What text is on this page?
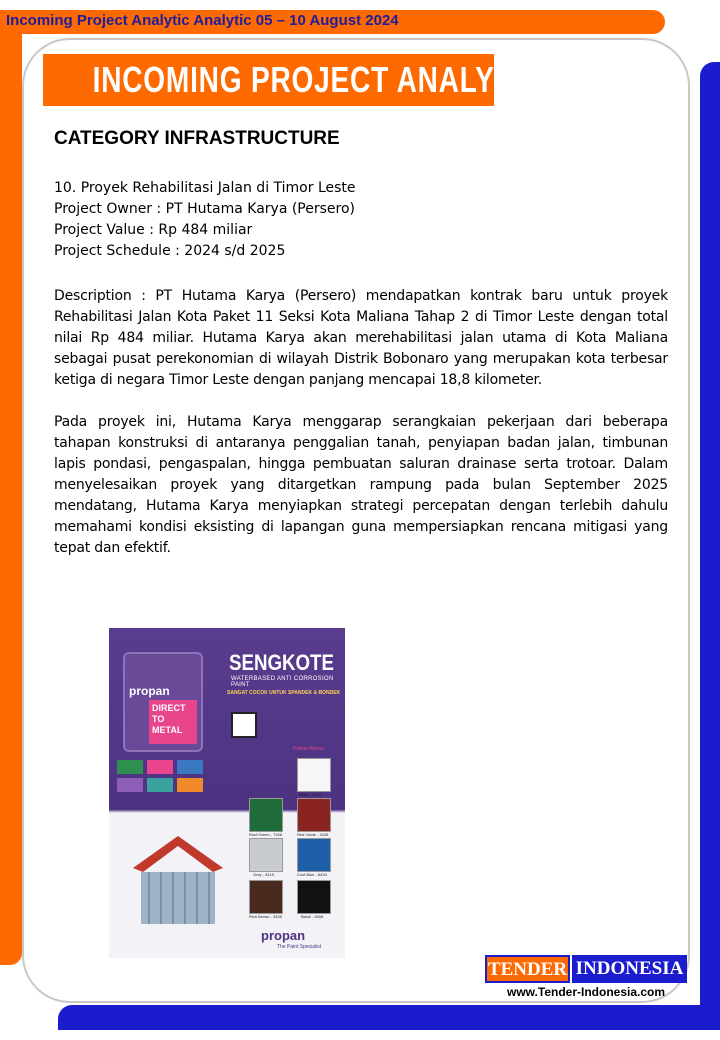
Incoming Project Analytic Analytic 05 – 10 August 2024
INCOMING PROJECT ANALYTIC
CATEGORY INFRASTRUCTURE
10. Proyek Rehabilitasi Jalan di Timor Leste
Project Owner : PT Hutama Karya (Persero)
Project Value : Rp 484 miliar
Project Schedule : 2024 s/d 2025

Description : PT Hutama Karya (Persero) mendapatkan kontrak baru untuk proyek Rehabilitasi Jalan Kota Paket 11 Seksi Kota Maliana Tahap 2 di Timor Leste dengan total nilai Rp 484 miliar. Hutama Karya akan merehabilitasi jalan utama di Kota Maliana sebagai pusat perekonomian di wilayah Distrik Bobonaro yang merupakan kota terbesar ketiga di negara Timor Leste dengan panjang mencapai 18,8 kilometer.

Pada proyek ini, Hutama Karya menggarap serangkaian pekerjaan dari beberapa tahapan konstruksi di antaranya penggalian tanah, penyiapan badan jalan, timbunan lapis pondasi, pengaspalan, hingga pembuatan saluran drainase serta trotoar. Dalam menyelesaikan proyek yang ditargetkan rampung pada bulan September 2025 mendatang, Hutama Karya menyiapkan strategi percepatan dengan terlebih dahulu memahami kondisi eksisting di lapangan guna mempersiapkan rencana mitigasi yang tepat dan efektif.

propan
DIRECT TO METAL
SENGKOTE
WATERBASED ANTI CORROSION PAINT
SANGAT COCOK UNTUK SPANDEK & BONDEK
Pilihan Warna
White - 8101
Roof Green - 7426	Red Oxide - 3428
Grey - 8115	Cool Blue - 8433
Rich Brown - 3425	Black - 9408
propan
The Paint Specialist
TENDER INDONESIA
www.Tender-Indonesia.com
